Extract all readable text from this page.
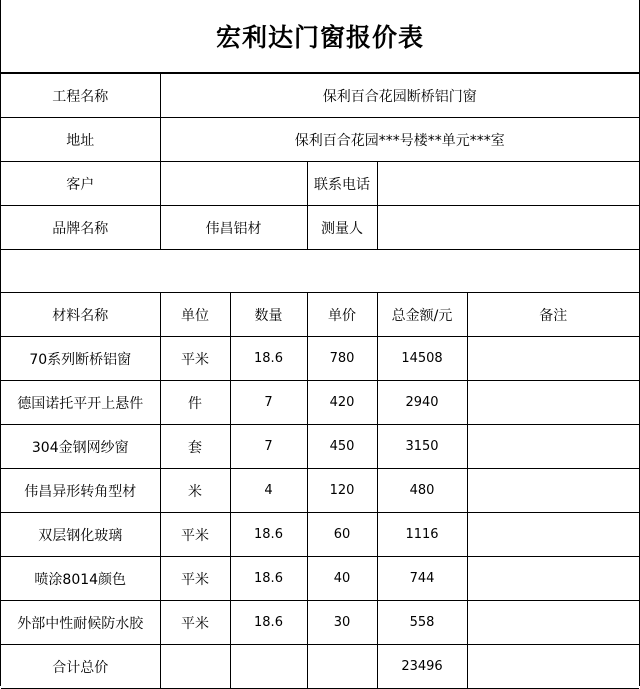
宏利达门窗报价表
工程名称	保利百合花园断桥铝门窗				
地址	保利百合花园***号楼**单元***室				
客户			联系电话		
品牌名称	伟昌铝材		测量人		

材料名称	单位	数量	单价	总金额/元	备注
70系列断桥铝窗	平米	18.6	780	14508	
德国诺托平开上悬件	件	7	420	2940	
304金钢网纱窗	套	7	450	3150	
伟昌异形转角型材	米	4	120	480	
双层钢化玻璃	平米	18.6	60	1116	
喷涂8014颜色	平米	18.6	40	744	
外部中性耐候防水胶	平米	18.6	30	558	
合计总价				23496	
